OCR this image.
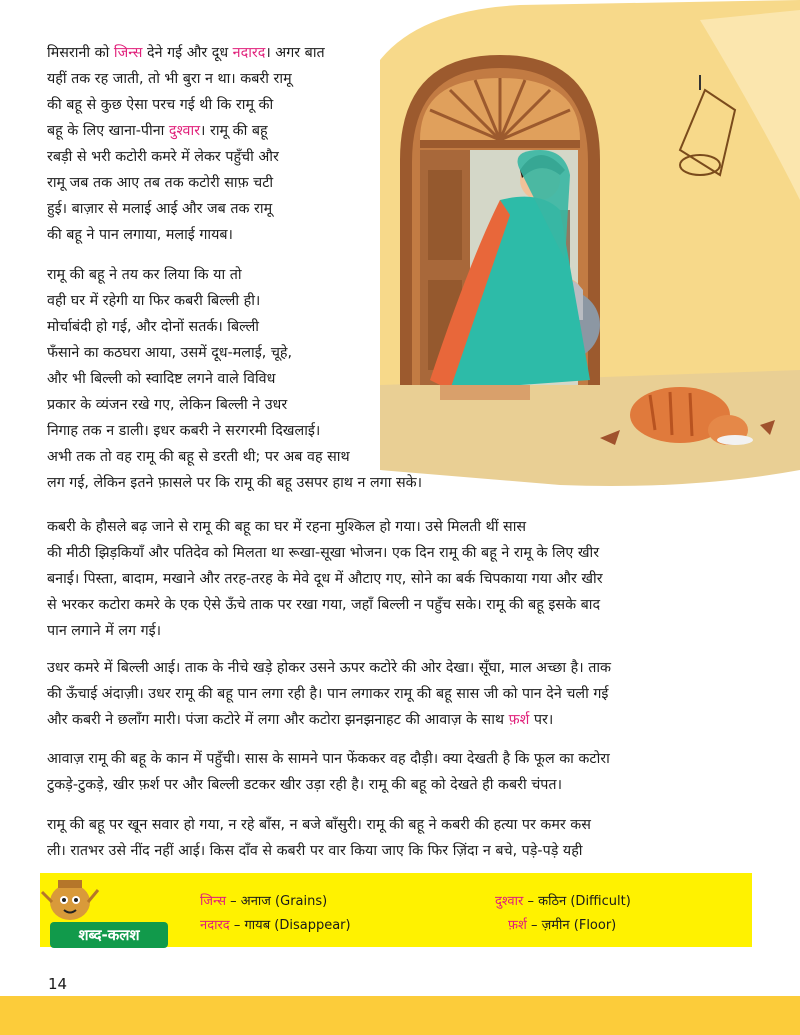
मिसरानी को जिन्स देने गई और दूध नदारद। अगर बात
यहीं तक रह जाती, तो भी बुरा न था। कबरी रामू
की बहू से कुछ ऐसा परच गई थी कि रामू की
बहू के लिए खाना-पीना दुश्वार। रामू की बहू
रबड़ी से भरी कटोरी कमरे में लेकर पहुँची और
रामू जब तक आए तब तक कटोरी साफ़ चटी
हुई। बाज़ार से मलाई आई और जब तक रामू
की बहू ने पान लगाया, मलाई गायब।
रामू की बहू ने तय कर लिया कि या तो
वही घर में रहेगी या फिर कबरी बिल्ली ही।
मोर्चाबंदी हो गई, और दोनों सतर्क। बिल्ली
फँसाने का कठघरा आया, उसमें दूध-मलाई, चूहे,
और भी बिल्ली को स्वादिष्ट लगने वाले विविध
प्रकार के व्यंजन रखे गए, लेकिन बिल्ली ने उधर
निगाह तक न डाली। इधर कबरी ने सरगरमी दिखलाई।
अभी तक तो वह रामू की बहू से डरती थी; पर अब वह साथ
लग गई, लेकिन इतने फ़ासले पर कि रामू की बहू उसपर हाथ न लगा सके।
कबरी के हौसले बढ़ जाने से रामू की बहू का घर में रहना मुश्किल हो गया। उसे मिलती थीं सास
की मीठी झिड़कियाँ और पतिदेव को मिलता था रूखा-सूखा भोजन। एक दिन रामू की बहू ने रामू के लिए खीर
बनाई। पिस्ता, बादाम, मखाने और तरह-तरह के मेवे दूध में औटाए गए, सोने का बर्क चिपकाया गया और खीर
से भरकर कटोरा कमरे के एक ऐसे ऊँचे ताक पर रखा गया, जहाँ बिल्ली न पहुँच सके। रामू की बहू इसके बाद
पान लगाने में लग गई।
उधर कमरे में बिल्ली आई। ताक के नीचे खड़े होकर उसने ऊपर कटोरे की ओर देखा। सूँघा, माल अच्छा है। ताक
की ऊँचाई अंदाज़ी। उधर रामू की बहू पान लगा रही है। पान लगाकर रामू की बहू सास जी को पान देने चली गई
और कबरी ने छलाँग मारी। पंजा कटोरे में लगा और कटोरा झनझनाहट की आवाज़ के साथ फ़र्श पर।
आवाज़ रामू की बहू के कान में पहुँची। सास के सामने पान फेंककर वह दौड़ी। क्या देखती है कि फूल का कटोरा
टुकड़े-टुकड़े, खीर फ़र्श पर और बिल्ली डटकर खीर उड़ा रही है। रामू की बहू को देखते ही कबरी चंपत।
रामू की बहू पर खून सवार हो गया, न रहे बाँस, न बजे बाँसुरी। रामू की बहू ने कबरी की हत्या पर कमर कस
ली। रातभर उसे नींद नहीं आई। किस दाँव से कबरी पर वार किया जाए कि फिर ज़िंदा न बचे, पड़े-पड़े यही
जिन्स – अनाज (Grains)
नदारद – गायब (Disappear)
दुश्वार – कठिन (Difficult)
फ़र्श – ज़मीन (Floor)
शब्द-कलश
14
